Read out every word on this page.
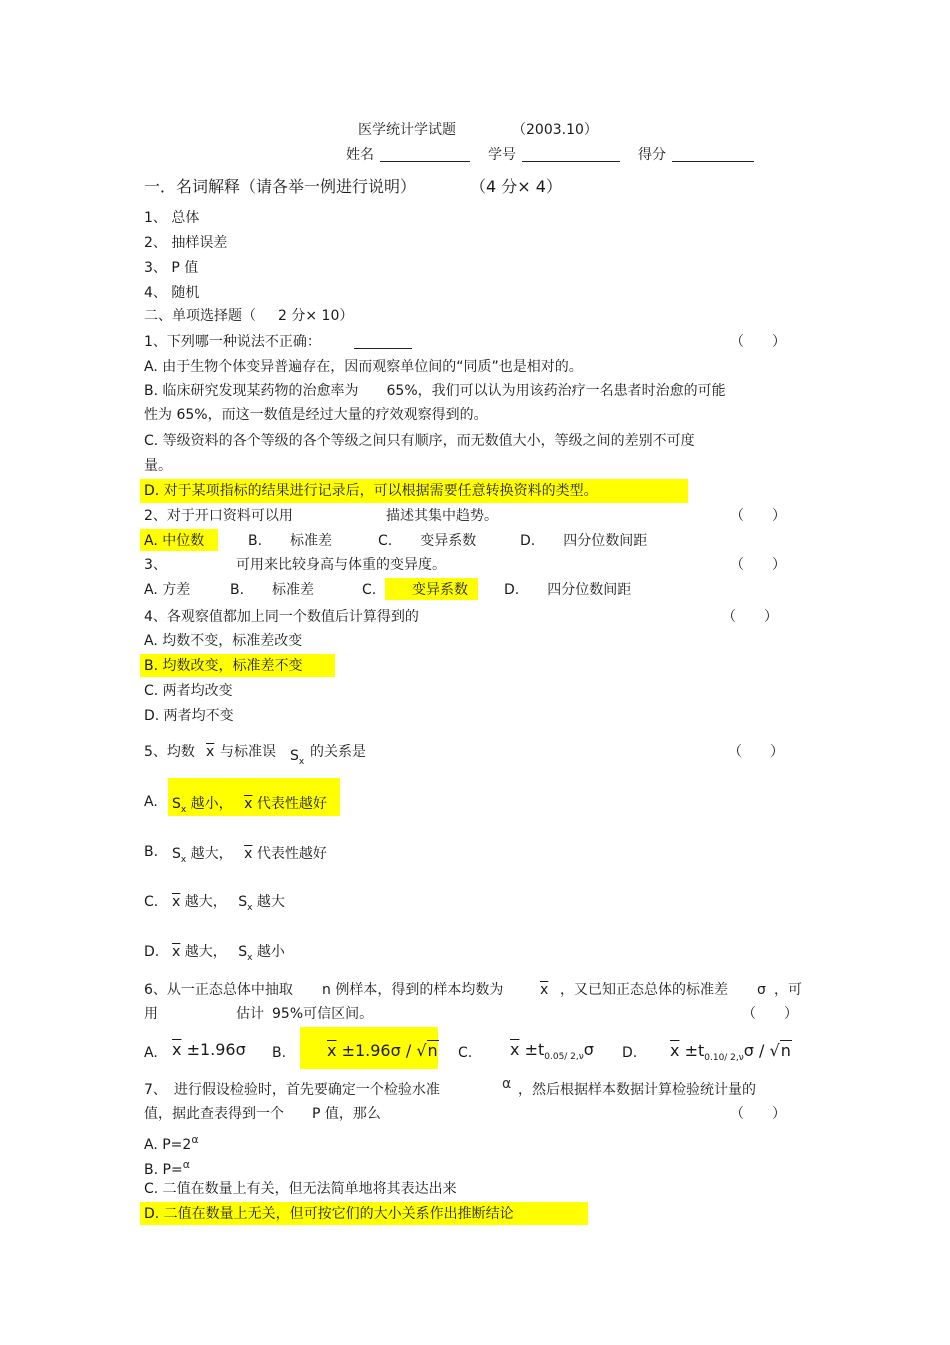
医学统计学试题	（2003.10）
姓名	学号	得分
一．名词解释（请各举一例进行说明）	（4 分× 4）
1、 总体
2、 抽样误差
3、 P 值
4、 随机
二、单项选择题（ 2 分× 10）
1、下列哪一种说法不正确：	（　　）
A. 由于生物个体变异普遍存在，因而观察单位间的“同质”也是相对的。
B. 临床研究发现某药物的治愈率为　　65%，我们可以认为用该药治疗一名患者时治愈的可能
性为 65%，而这一数值是经过大量的疗效观察得到的。
C. 等级资料的各个等级的各个等级之间只有顺序，而无数值大小，等级之间的差别不可度
量。
D. 对于某项指标的结果进行记录后，可以根据需要任意转换资料的类型。
2、对于开口资料可以用	描述其集中趋势。	（　　）
A. 中位数	B.　　标准差	C.　　变异系数	D.　　四分位数间距
3、	可用来比较身高与体重的变异度。	（　　）
A. 方差	B.　　标准差	C.	变异系数	D.　　四分位数间距
4、各观察值都加上同一个数值后计算得到的	（　　）
A. 均数不变，标准差改变
B. 均数改变，标准差不变
C. 两者均改变
D. 两者均不变
5、均数 $\overline{x}$ 与标准误 $S_x$
的关系是	（　　）
A. $S_x$ 越小，　 $\overline{x}$ 代表性越好
B. $S_x$ 越大，　 $\overline{x}$ 代表性越好
C. $\overline{x}$ 越大，　 $S_x$ 越大
D. $\overline{x}$ 越大，　 $S_x$ 越小
6、从一正态总体中抽取 n 例样本，得到的样本均数为	$\overline{x}$ ，又已知正态总体的标准差 σ ，可
用	估计 95%可信区间。	（　　）
A. $\overline{x} \pm 1.96\sigma$ B.	$\overline{x} \pm 1.96\sigma / √n$ C. $\overline{x} \pm t_{0.05/ 2,\nu}\sigma$ D. $\overline{x} \pm t_{0.10/ 2,\nu}\sigma / √n$
7、　进行假设检验时，首先要确定一个检验水准	α ，然后根据样本数据计算检验统计量的
值，据此查表得到一个　　P 值，那么	（　　）
A. $P=2^\alpha$
B. P=$^\alpha$
C. 二值在数量上有关，但无法简单地将其表达出来
D. 二值在数量上无关，但可按它们的大小关系作出推断结论
